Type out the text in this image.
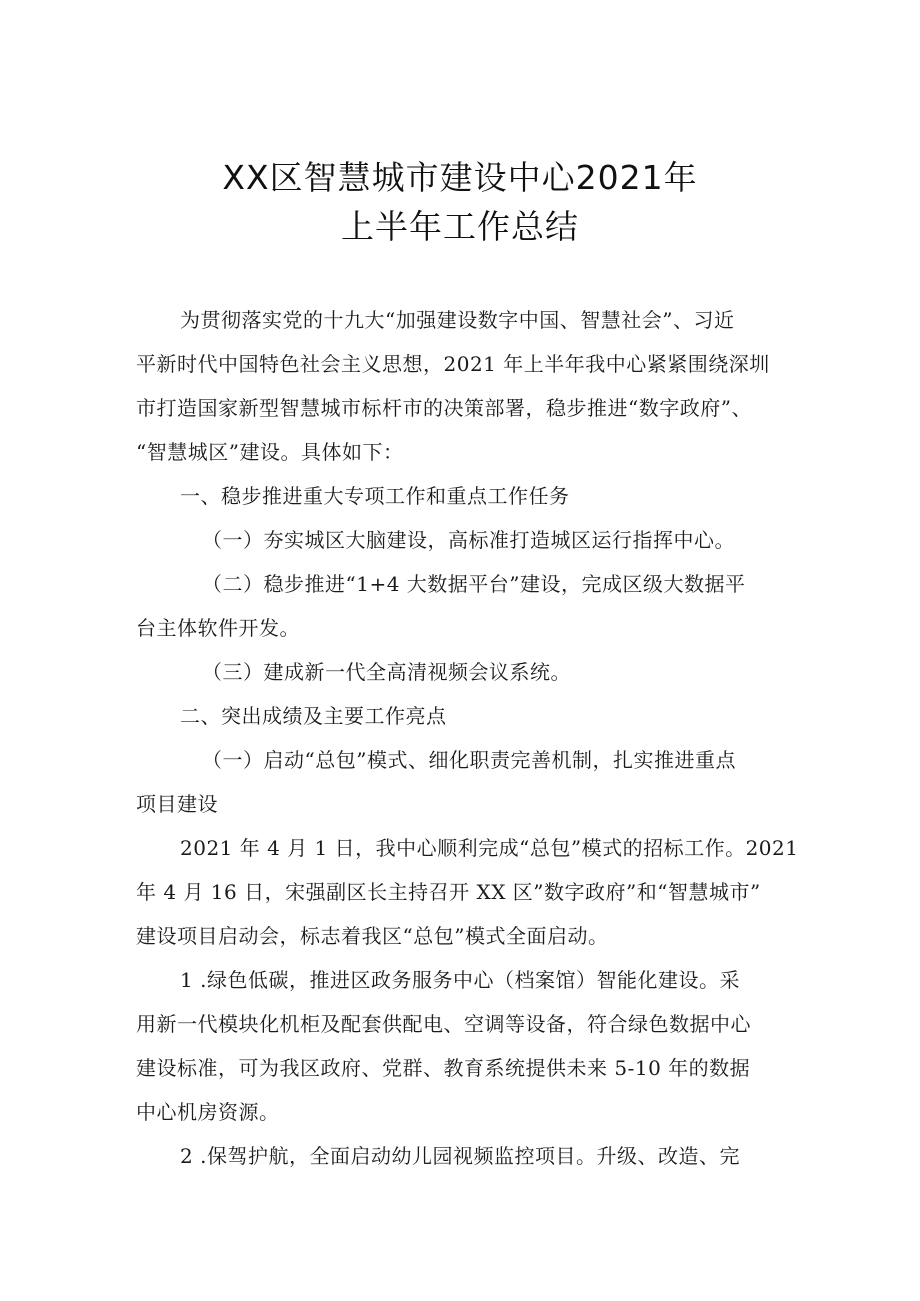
XX区智慧城市建设中心2021年
上半年工作总结

为贯彻落实党的十九大“加强建设数字中国、智慧社会”、习近
平新时代中国特色社会主义思想，2021 年上半年我中心紧紧围绕深圳
市打造国家新型智慧城市标杆市的决策部署，稳步推进“数字政府”、
“智慧城区”建设。具体如下：

一、稳步推进重大专项工作和重点工作任务

（一）夯实城区大脑建设，高标准打造城区运行指挥中心。

（二）稳步推进“1+4 大数据平台”建设，完成区级大数据平
台主体软件开发。

（三）建成新一代全高清视频会议系统。

二、突出成绩及主要工作亮点

（一）启动“总包”模式、细化职责完善机制，扎实推进重点
项目建设

2021 年 4 月 1 日，我中心顺利完成“总包”模式的招标工作。2021
年 4 月 16 日，宋强副区长主持召开 XX 区”数字政府”和“智慧城市”
建设项目启动会，标志着我区“总包”模式全面启动。

1 .绿色低碳，推进区政务服务中心（档案馆）智能化建设。采
用新一代模块化机柜及配套供配电、空调等设备，符合绿色数据中心
建设标准，可为我区政府、党群、教育系统提供未来 5-10 年的数据
中心机房资源。

2 .保驾护航，全面启动幼儿园视频监控项目。升级、改造、完
